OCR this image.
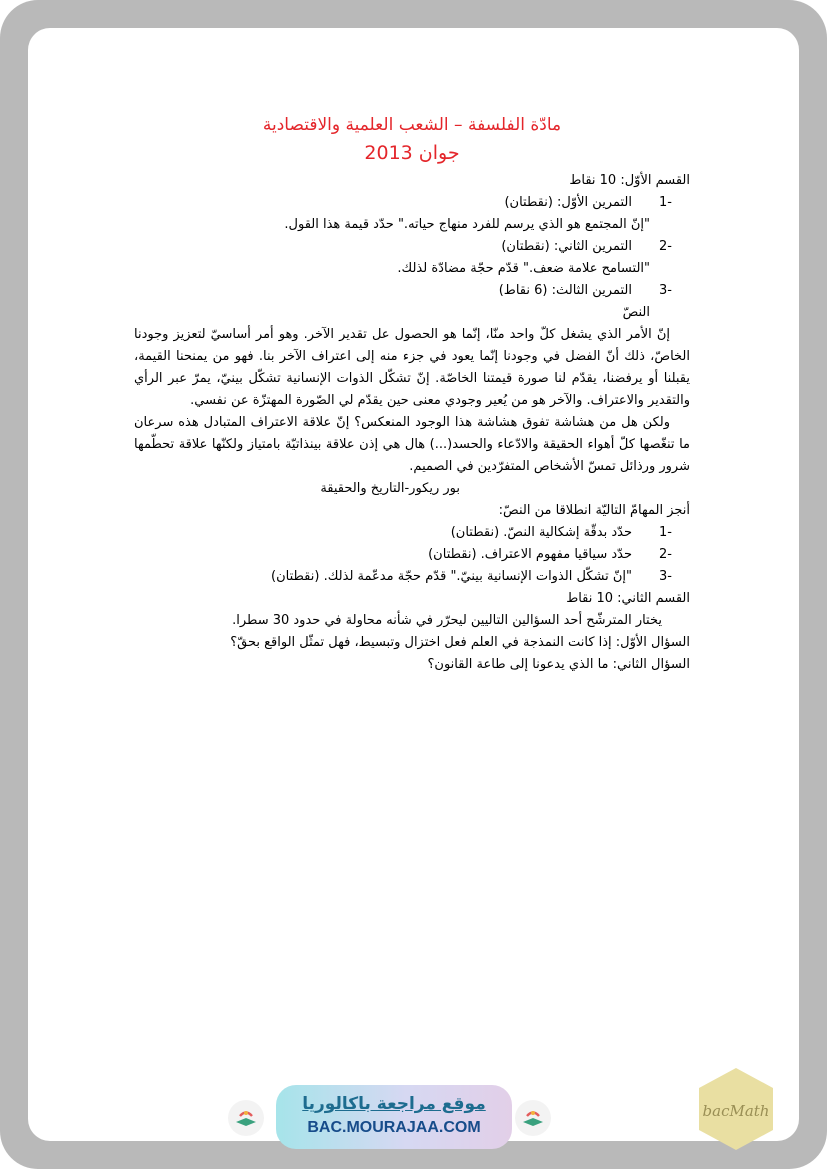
مادّة الفلسفة – الشعب العلمية والاقتصادية

جوان 2013

القسم الأوّل: 10 نقاط

-1
التمرين الأوّل: (نقطتان)

"إنّ المجتمع هو الذي يرسم للفرد منهاج حياته." حدّد قيمة هذا القول.

-2
التمرين الثاني: (نقطتان)

"التسامح علامة ضعف." قدّم حجّة مضادّة لذلك.

-3
التمرين الثالث: (6 نقاط)

النصّ

إنّ الأمر الذي يشغل كلّ واحد منّا، إنّما هو الحصول عل تقدير الآخر. وهو أمر أساسيّ لتعزيز وجودنا الخاصّ، ذلك أنّ الفضل في وجودنا إنّما يعود في جزء منه إلى اعتراف الآخر بنا. فهو من يمنحنا القيمة، يقبلنا أو يرفضنا، يقدّم لنا صورة قيمتنا الخاصّة. إنّ تشكّل الذوات الإنسانية تشكّل بينيّ، يمرّ عبر الرأي والتقدير والاعتراف. والآخر هو من يُعير وجودي معنى حين يقدّم لي الصّورة المهتزّة عن نفسي.

ولكن هل من هشاشة تفوق هشاشة هذا الوجود المنعكس؟ إنّ علاقة الاعتراف المتبادل هذه سرعان ما تنغّصها كلّ أهواء الحقيقة والادّعاء والحسد(...) هال هي إذن علاقة بينذاتيّة بامتياز ولكنّها علاقة تحطّمها شرور ورذائل تمسّ الأشخاص المتفرّدين في الصميم.

بور ريكور-التاريخ والحقيقة

أنجز المهامّ التاليّة انطلاقا من النصّ:

-1
حدّد بدقّة إشكالية النصّ. (نقطتان)
-2
حدّد سياقيا مفهوم الاعتراف. (نقطتان)
-3
"إنّ تشكّل الذوات الإنسانية بينيّ." قدّم حجّة مدعّمة لذلك. (نقطتان)

القسم الثاني: 10 نقاط

يختار المترشّح أحد السؤالين التاليين ليحرّر في شأنه محاولة في حدود 30 سطرا.

السؤال الأوّل: إذا كانت النمذجة في العلم فعل اختزال وتبسيط، فهل تمثّل الواقع بحقّ؟

السؤال الثاني: ما الذي يدعونا إلى طاعة القانون؟

موقع مراجعة باكالوريا
BAC.MOURAJAA.COM
bacMath
